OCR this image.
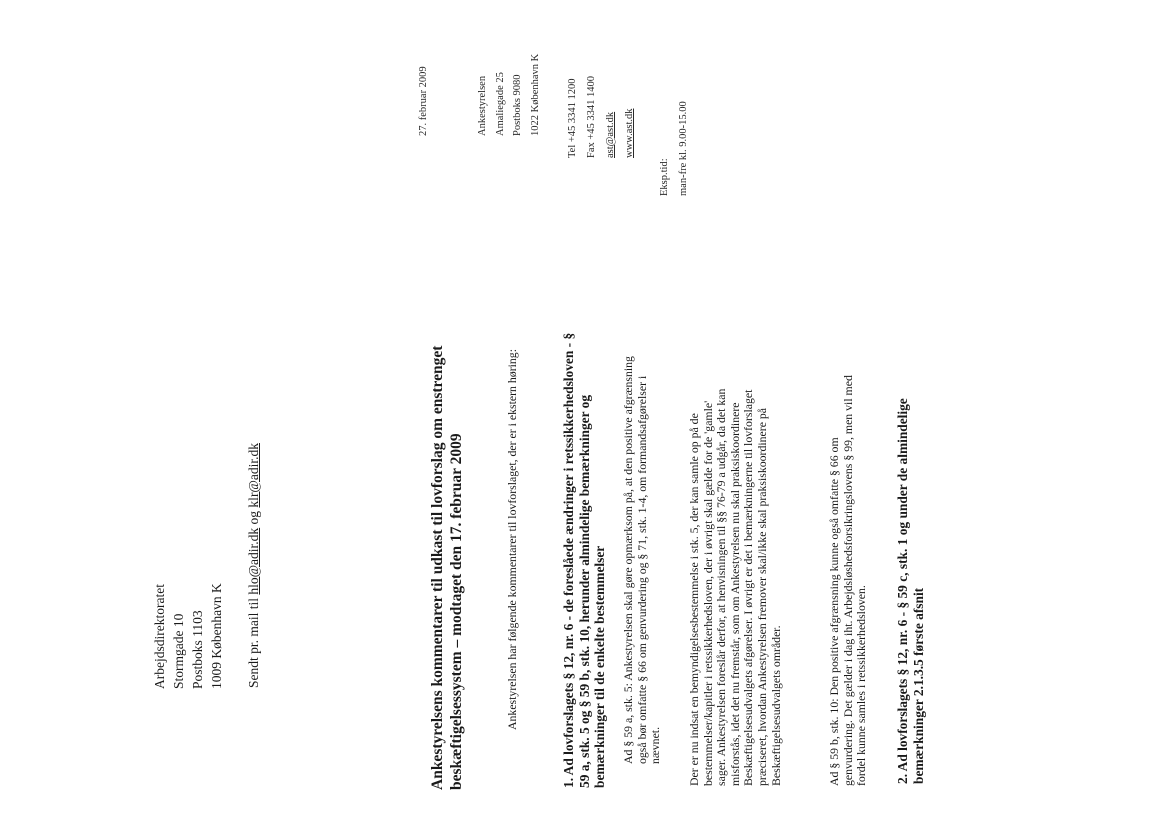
Arbejdsdirektoratet Stormgade 10 Postboks 1103 1009 København K Sendt pr. mail til hlo@adir.dk og klr@adir.dk
27. februar 2009	Ankestyrelsen Amaliegade 25 Postboks 9080 1022 København K	Tel +45 3341 1200 Fax +45 3341 1400 ast@ast.dk www.ast.dk
Eksp.tid: man-fre kl. 9.00-15.00
Ankestyrelsens kommentarer til udkast til lovforslag om enstrenget beskæftigelsessystem – modtaget den 17. februar 2009	Ankestyrelsen har følgende kommentarer til lovforslaget, der er i ekstern høring:	1. Ad lovforslagets § 12, nr. 6 - de foreslåede ændringer i retssikkerhedsloven - § 59 a, stk. 5 og § 59 b, stk. 10, herunder almindelige bemærkninger og bemærkninger til de enkelte bestemmelser Ad § 59 a, stk. 5: Ankestyrelsen skal gøre opmærksom på, at den positive afgrænsning også bør omfatte § 66 om genvurdering og § 71, stk. 1-4, om formandsafgørelser i nævnet. Der er nu indsat en bemyndigelsesbestemmelse i stk. 5, der kan samle op på de bestemmelser/kapitler i retssikkerhedsloven, der i øvrigt skal gælde for de 'gamle' sager. Ankestyrelsen foreslår derfor, at henvisningen til §§ 76-79 a udgår, da det kan misforstås, idet det nu fremstår, som om Ankestyrelsen nu skal praksiskoordinere Beskæftigelsesudvalgets afgørelser. I øvrigt er det i bemærkningerne til lovforslaget præciseret, hvordan Ankestyrelsen fremover skal/ikke skal praksiskoordinere på Beskæftigelsesudvalgets områder.	Ad § 59 b, stk. 10: Den positive afgrænsning kunne også omfatte § 66 om genvurdering. Det gælder i dag iht. Arbejdsløshedsforsikringslovens § 99, men vil med fordel kunne samles i retssikkerhedsloven. 2. Ad lovforslagets § 12, nr. 6 - § 59 c, stk. 1 og under de almindelige bemærkninger 2.1.3.5 første afsnit
